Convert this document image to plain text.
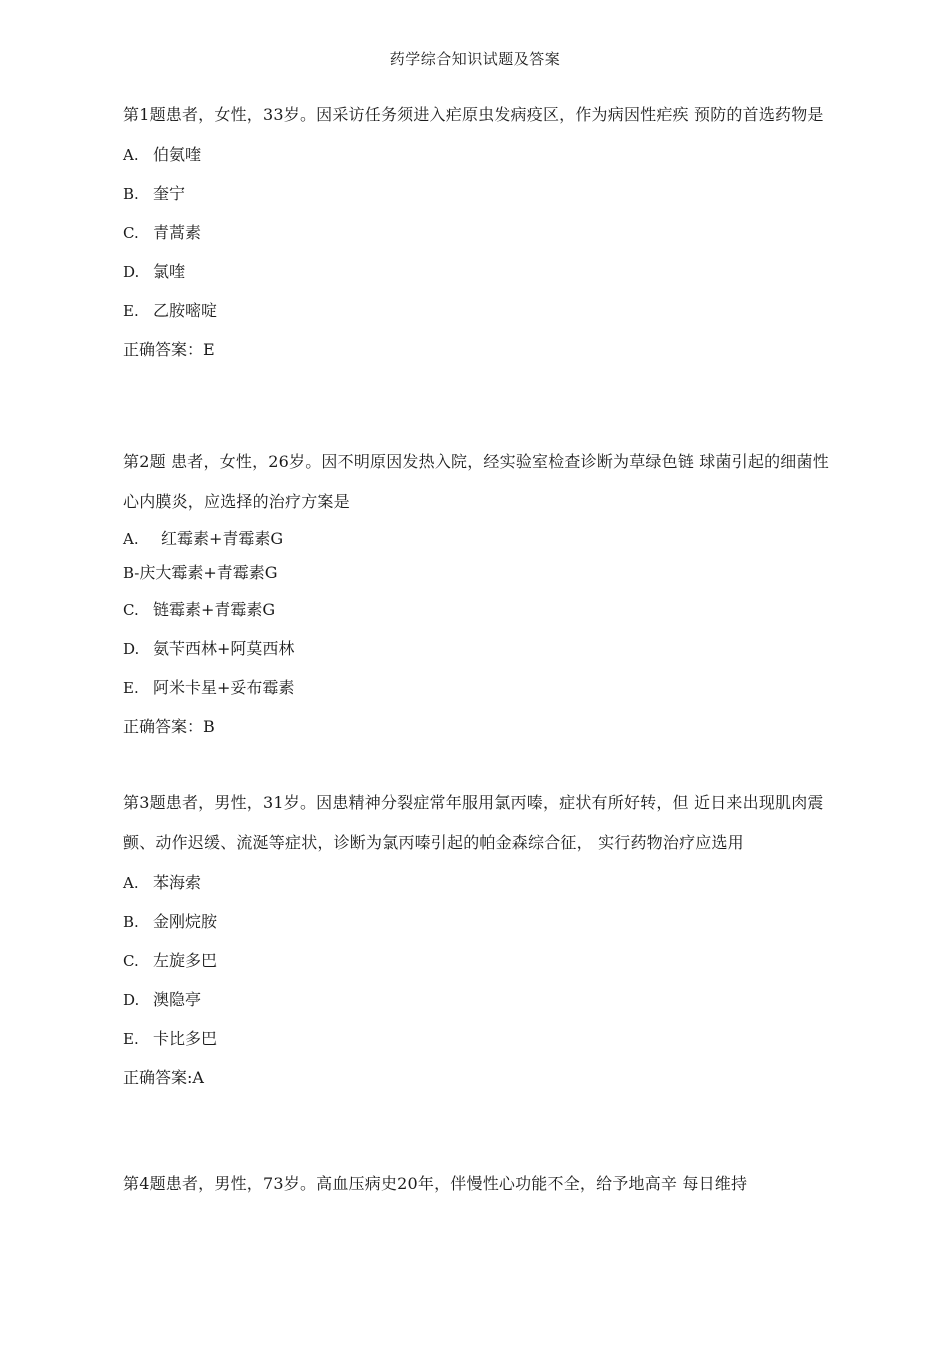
药学综合知识试题及答案

第1题患者，女性，33岁。因采访任务须进入疟原虫发病疫区，作为病因性疟疾 预防的首选药物是

A. 伯氨喹
B. 奎宁
C. 青蒿素
D. 氯喹
E. 乙胺嘧啶
正确答案：E

第2题 患者，女性，26岁。因不明原因发热入院，经实验室检查诊断为草绿色链 球菌引起的细菌性心内膜炎，应选择的治疗方案是

A. 红霉素+青霉素G
B-庆大霉素+青霉素G
C. 链霉素+青霉素G
D. 氨苄西林+阿莫西林
E. 阿米卡星+妥布霉素
正确答案：B

第3题患者，男性，31岁。因患精神分裂症常年服用氯丙嗪，症状有所好转，但 近日来出现肌肉震颤、动作迟缓、流涎等症状，诊断为氯丙嗪引起的帕金森综合征， 实行药物治疗应选用

A. 苯海索
B. 金刚烷胺
C. 左旋多巴
D. 澳隐亭
E. 卡比多巴
正确答案:A

第4题患者，男性，73岁。高血压病史20年，伴慢性心功能不全，给予地高辛 每日维持
